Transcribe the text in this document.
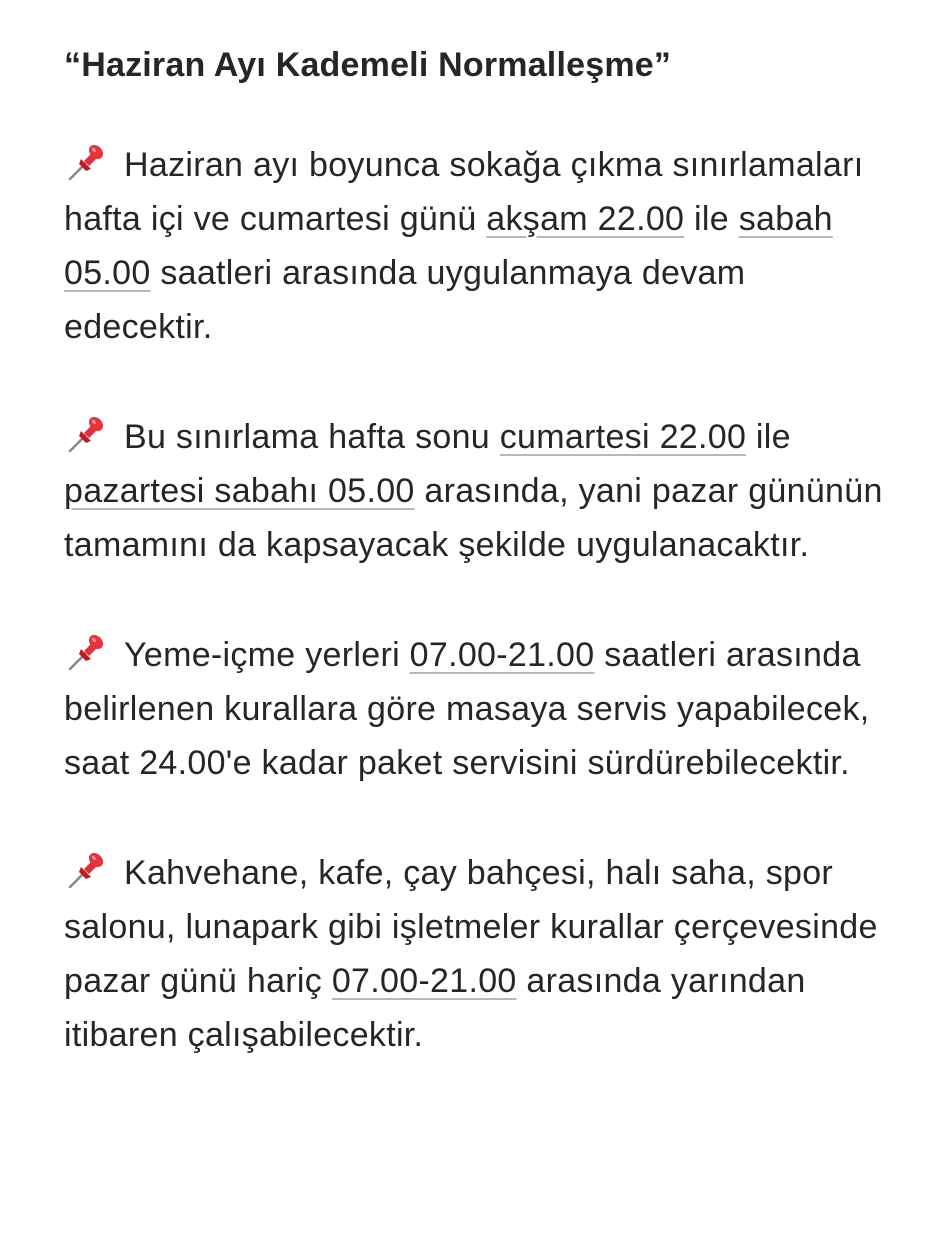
“Haziran Ayı Kademeli Normalleşme”

Haziran ayı boyunca sokağa çıkma sınırlamaları hafta içi ve cumartesi günü akşam 22.00 ile sabah 05.00 saatleri arasında uygulanmaya devam edecektir.

Bu sınırlama hafta sonu cumartesi 22.00 ile pazartesi sabahı 05.00 arasında, yani pazar gününün tamamını da kapsayacak şekilde uygulanacaktır.

Yeme-içme yerleri 07.00-21.00 saatleri arasında belirlenen kurallara göre masaya servis yapabilecek, saat 24.00'e kadar paket servisini sürdürebilecektir.

Kahvehane, kafe, çay bahçesi, halı saha, spor salonu, lunapark gibi işletmeler kurallar çerçevesinde pazar günü hariç 07.00-21.00 arasında yarından itibaren çalışabilecektir.
